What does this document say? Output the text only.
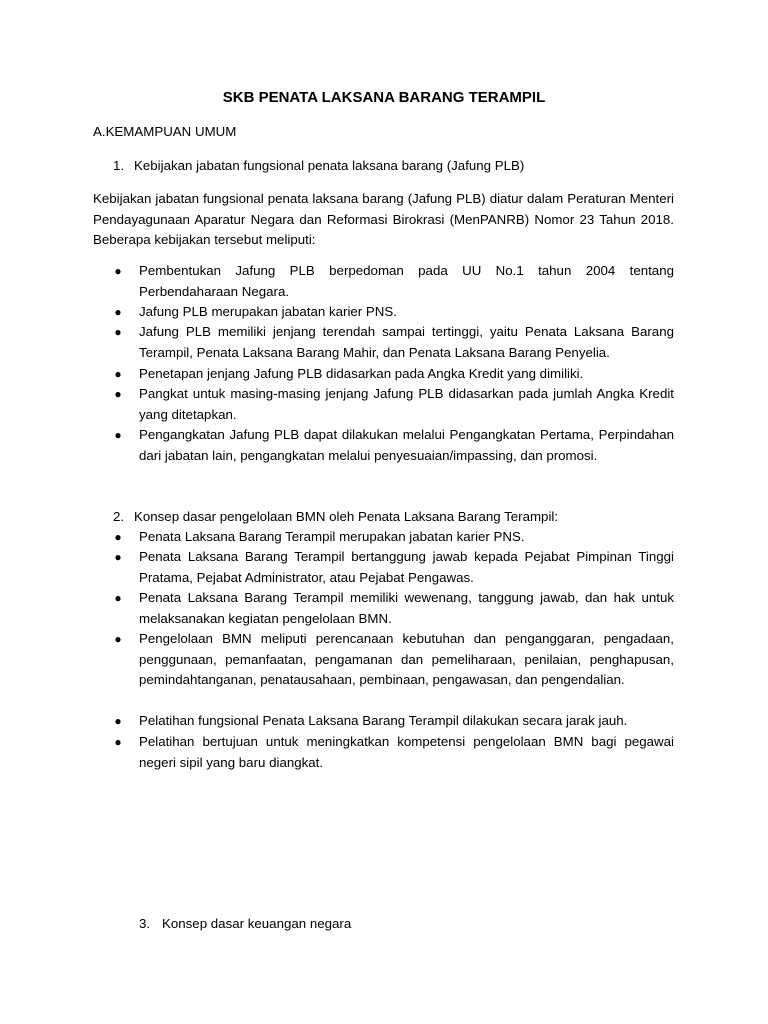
SKB PENATA LAKSANA BARANG TERAMPIL
A.KEMAMPUAN UMUM
1. Kebijakan jabatan fungsional penata laksana barang (Jafung PLB)
Kebijakan jabatan fungsional penata laksana barang (Jafung PLB) diatur dalam Peraturan Menteri Pendayagunaan Aparatur Negara dan Reformasi Birokrasi (MenPANRB) Nomor 23 Tahun 2018. Beberapa kebijakan tersebut meliputi:
● Pembentukan Jafung PLB berpedoman pada UU No.1 tahun 2004 tentang Perbendaharaan Negara.
● Jafung PLB merupakan jabatan karier PNS.
● Jafung PLB memiliki jenjang terendah sampai tertinggi, yaitu Penata Laksana Barang Terampil, Penata Laksana Barang Mahir, dan Penata Laksana Barang Penyelia.
● Penetapan jenjang Jafung PLB didasarkan pada Angka Kredit yang dimiliki.
● Pangkat untuk masing-masing jenjang Jafung PLB didasarkan pada jumlah Angka Kredit yang ditetapkan.
● Pengangkatan Jafung PLB dapat dilakukan melalui Pengangkatan Pertama, Perpindahan dari jabatan lain, pengangkatan melalui penyesuaian/impassing, dan promosi.
2. Konsep dasar pengelolaan BMN oleh Penata Laksana Barang Terampil:
● Penata Laksana Barang Terampil merupakan jabatan karier PNS.
● Penata Laksana Barang Terampil bertanggung jawab kepada Pejabat Pimpinan Tinggi Pratama, Pejabat Administrator, atau Pejabat Pengawas.
● Penata Laksana Barang Terampil memiliki wewenang, tanggung jawab, dan hak untuk melaksanakan kegiatan pengelolaan BMN.
● Pengelolaan BMN meliputi perencanaan kebutuhan dan penganggaran, pengadaan, penggunaan, pemanfaatan, pengamanan dan pemeliharaan, penilaian, penghapusan, pemindahtanganan, penatausahaan, pembinaan, pengawasan, dan pengendalian.
● Pelatihan fungsional Penata Laksana Barang Terampil dilakukan secara jarak jauh.
● Pelatihan bertujuan untuk meningkatkan kompetensi pengelolaan BMN bagi pegawai negeri sipil yang baru diangkat.
3. Konsep dasar keuangan negara
